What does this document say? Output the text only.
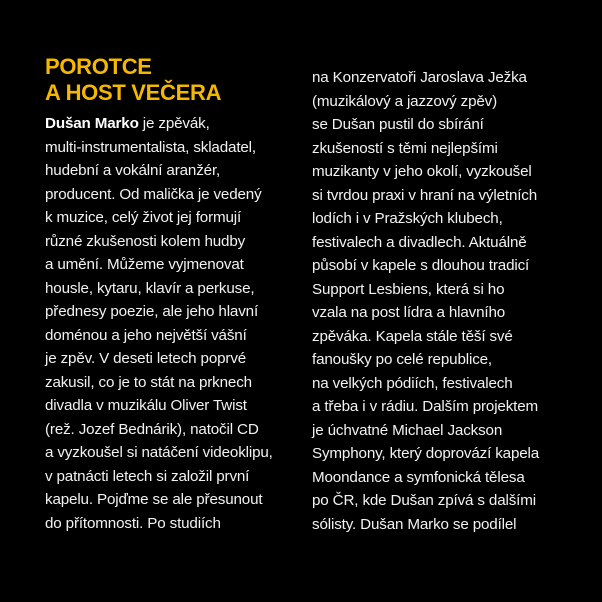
POROTCE
A HOST VEČERA
Dušan Marko je zpěvák,
multi-instrumentalista, skladatel,
hudební a vokální aranžér,
producent. Od malička je vedený
k muzice, celý život jej formují
různé zkušenosti kolem hudby
a umění. Můžeme vyjmenovat
housle, kytaru, klavír a perkuse,
přednesy poezie, ale jeho hlavní
doménou a jeho největší vášní
je zpěv. V deseti letech poprvé
zakusil, co je to stát na prknech
divadla v muzikálu Oliver Twist
(rež. Jozef Bednárik), natočil CD
a vyzkoušel si natáčení videoklipu,
v patnácti letech si založil první
kapelu. Pojďme se ale přesunout
do přítomnosti. Po studiích
na Konzervatoři Jaroslava Ježka
(muzikálový a jazzový zpěv)
se Dušan pustil do sbírání
zkušeností s těmi nejlepšími
muzikanty v jeho okolí, vyzkoušel
si tvrdou praxi v hraní na výletních
lodích i v Pražských klubech,
festivalech a divadlech. Aktuálně
působí v kapele s dlouhou tradicí
Support Lesbiens, která si ho
vzala na post lídra a hlavního
zpěváka. Kapela stále těší své
fanoušky po celé republice,
na velkých pódiích, festivalech
a třeba i v rádiu. Dalším projektem
je úchvatné Michael Jackson
Symphony, který doprovází kapela
Moondance a symfonická tělesa
po ČR, kde Dušan zpívá s dalšími
sólisty. Dušan Marko se podílel
